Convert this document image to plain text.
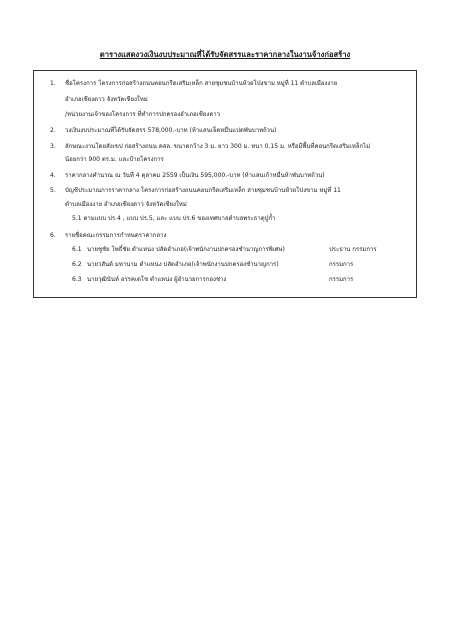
ตารางแสดงวงเงินงบประมาณที่ได้รับจัดสรรและราคากลางในงานจ้างก่อสร้าง
1. ชื่อโครงการ โครงการก่อสร้างถนนคอนกรีตเสริมเหล็ก สายซุมชนบ้านห้วยโป่งขาม หมู่ที่ 11 ตำบลเมืองงาย
อำเภอเชียงดาว จังหวัดเชียงใหม่
/หน่วยงานเจ้าของโครงการ ที่ทำการปกครองอำเภอเชียงดาว
2. วงเงินงบประมาณที่ได้รับจัดสรร 578,000.-บาท (ห้าแสนเจ็ดหมื่นแปดพันบาทถ้วน)
3. ลักษณะงานโดยสังเขป ก่อสร้างถนน คสล. ขนาดกว้าง 3 ม. ยาว 300 ม. หนา 0.15 ม. หรือมีพื้นที่คอนกรีตเสริมเหล็กไม่
น้อยกว่า 900 ตร.ม. และป้ายโครงการ
4. ราคากลางคำนวณ ณ วันที่ 4 ตุลาคม 2559 เป็นเงิน 595,000.-บาท (ห้าแสนเก้าหมื่นห้าพันบาทถ้วน)
5. บัญชีประมาณการราคากลาง โครงการก่อสร้างถนนคอนกรีตเสริมเหล็ก สายซุมชนบ้านห้วยโป่งขาม หมู่ที่ 11
ตำบลเมืองงาย อำเภอเชียงดาว จังหวัดเชียงใหม่
5.1 ตามแบบ ปร.4 , แบบ ปร.5, และ แบบ ปร.6 ของเทศบาลตำบลพระธาตุปู่ก้ำ
6. รายชื่อคณะกรรมการกำหนดราคากลาง
6.1 นายชูชัย โพธิ์ชัย ตำแหน่ง ปลัดอำเภอ(เจ้าพนักงานปกครองชำนาญการพิเศษ)	ประธาน กรรมการ
6.2 นายวสันต์ มหานาม ตำแหน่ง ปลัดอำเภอ(เจ้าพนักงานปกครองชำนาญการ)	กรรมการ
6.3 นายวุฒินันท์ อรรคเดโช ตำแหน่ง ผู้อำนวยการกองช่าง	กรรมการ
